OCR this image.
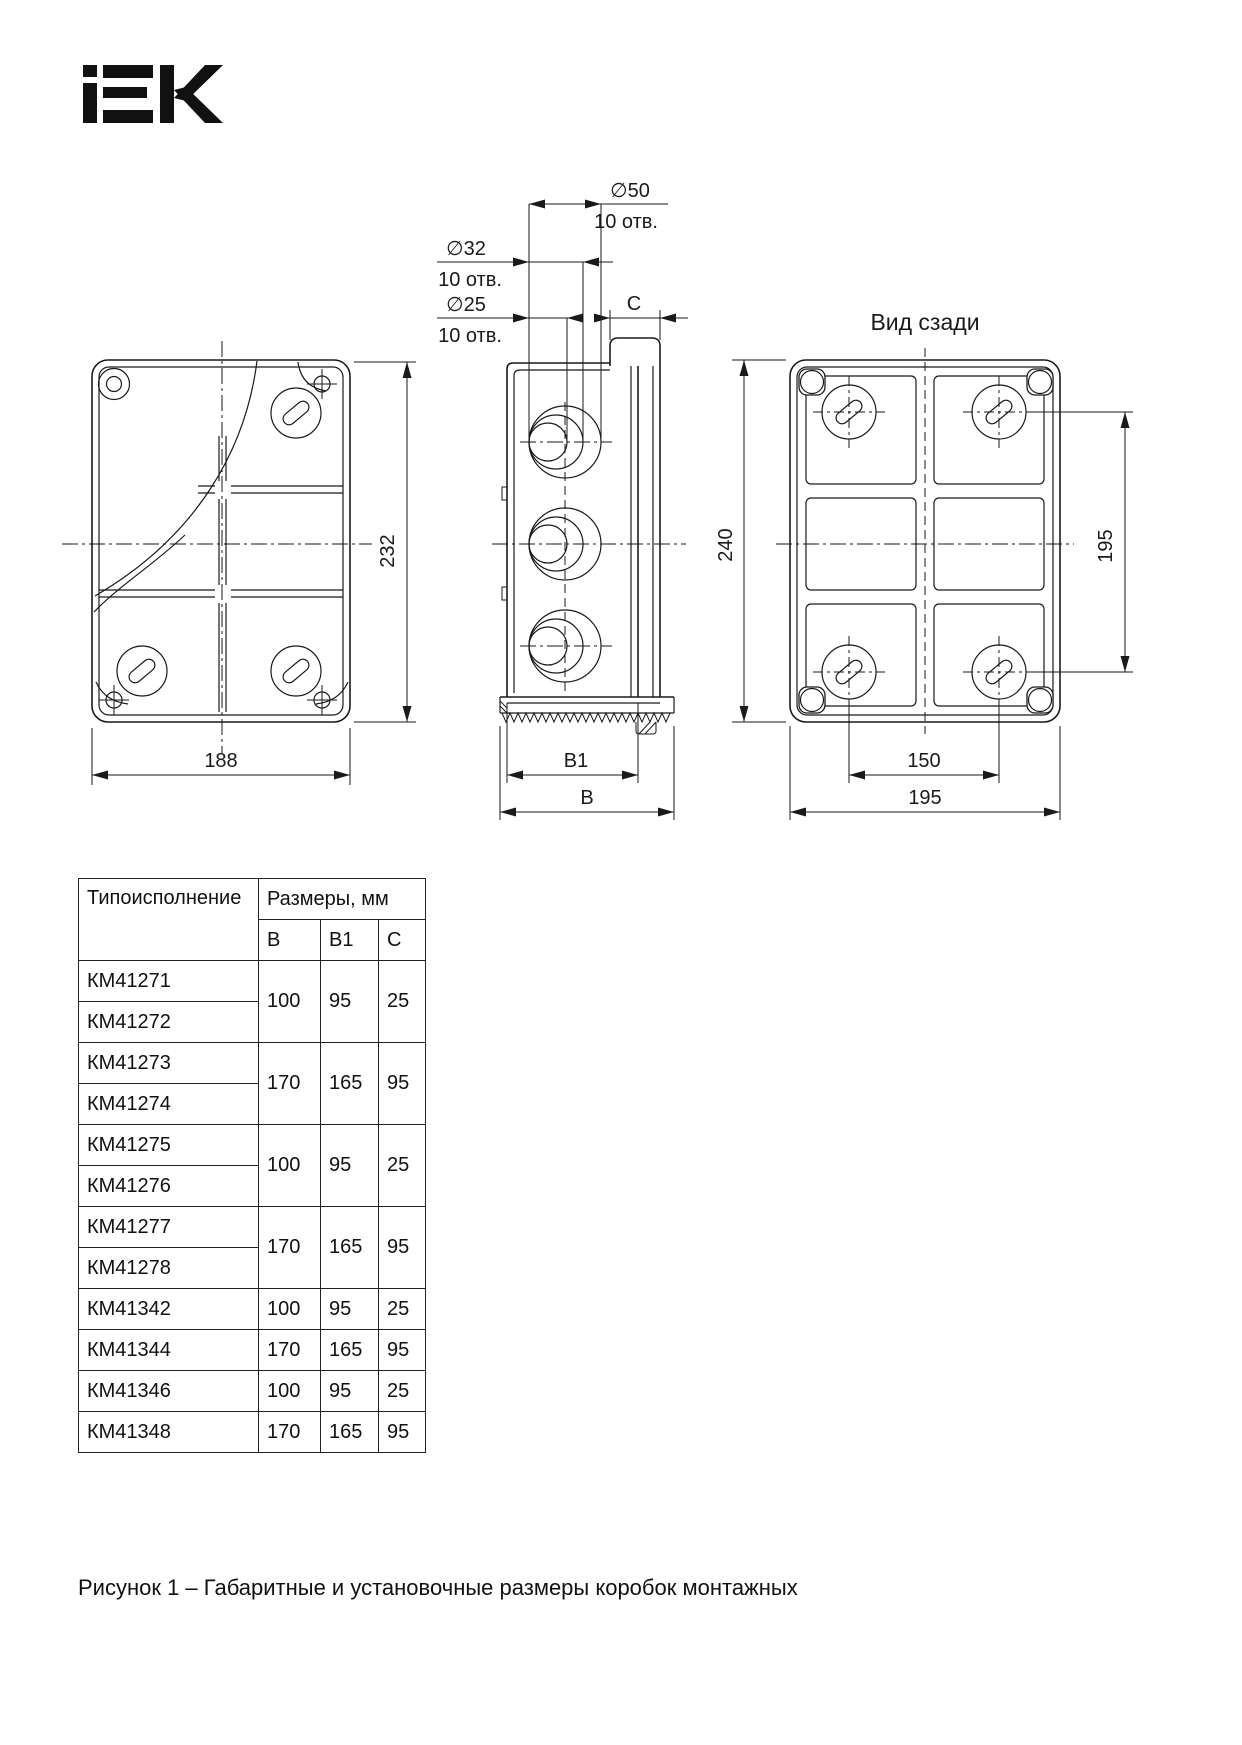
232
188
∅50
10 отв.
∅32
10 отв.
∅25
10 отв.
C
B1
B
Вид сзади
240	195
150
195
Типоисполнение	Размеры, мм		
	B	B1	C
КМ41271	100	95	25
КМ41272			
КМ41273	170	165	95
КМ41274			
КМ41275	100	95	25
КМ41276			
КМ41277	170	165	95
КМ41278			
КМ41342	100	95	25
КМ41344	170	165	95
КМ41346	100	95	25
КМ41348	170	165	95
Рисунок 1 – Габаритные и установочные размеры коробок монтажных
